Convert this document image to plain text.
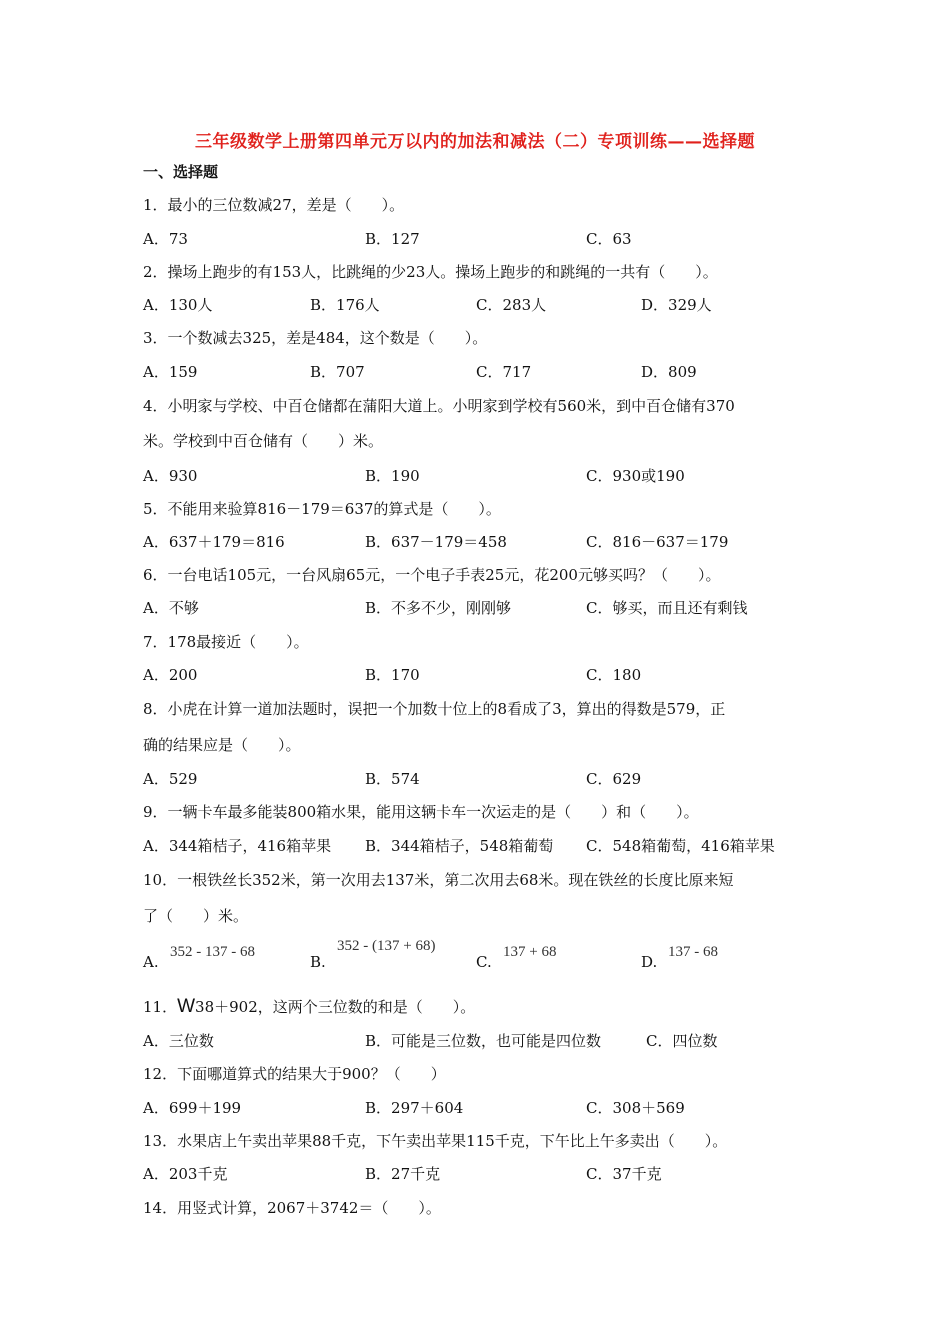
三年级数学上册第四单元万以内的加法和减法（二）专项训练——选择题
一、选择题
1．最小的三位数减27，差是（　　）。
A．73	B．127	C．63
2．操场上跑步的有153人，比跳绳的少23人。操场上跑步的和跳绳的一共有（　　）。
A．130人	B．176人	C．283人	D．329人
3．一个数减去325，差是484，这个数是（　　）。
A．159	B．707	C．717	D．809
4．小明家与学校、中百仓储都在蒲阳大道上。小明家到学校有560米，到中百仓储有370
米。学校到中百仓储有（　　）米。
A．930	B．190	C．930或190
5．不能用来验算816－179＝637的算式是（　　）。
A．637＋179＝816	B．637－179＝458	C．816－637＝179
6．一台电话105元，一台风扇65元，一个电子手表25元，花200元够买吗？（　　）。
A．不够	B．不多不少，刚刚够	C．够买，而且还有剩钱
7．178最接近（　　）。
A．200	B．170	C．180
8．小虎在计算一道加法题时，误把一个加数十位上的8看成了3，算出的得数是579，正
确的结果应是（　　）。
A．529	B．574	C．629
9．一辆卡车最多能装800箱水果，能用这辆卡车一次运走的是（　　）和（　　）。
A．344箱桔子，416箱苹果 B．344箱桔子，548箱葡萄 C．548箱葡萄，416箱苹果
10．一根铁丝长352米，第一次用去137米，第二次用去68米。现在铁丝的长度比原来短
了（　　）米。
A.
352 - 137 - 68
B.
352 - (137 + 68)
C.
137 + 68
D.
137 - 68
11．W38＋902，这两个三位数的和是（　　）。
A．三位数	B．可能是三位数，也可能是四位数	C．四位数
12．下面哪道算式的结果大于900？（　　）
A．699＋199	B．297＋604	C．308＋569
13．水果店上午卖出苹果88千克，下午卖出苹果115千克，下午比上午多卖出（　　）。
A．203千克	B．27千克	C．37千克
14．用竖式计算，2067＋3742＝（　　）。
